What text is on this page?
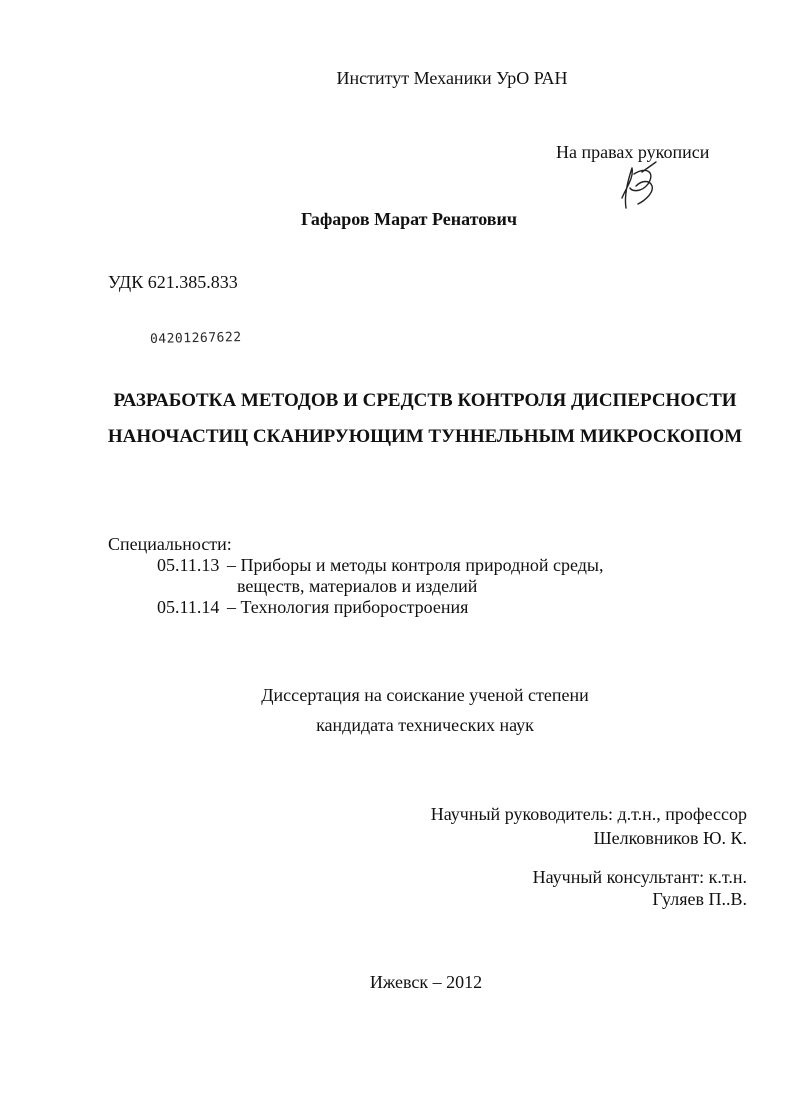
Институт Механики УрО РАН
На правах рукописи
Гафаров Марат Ренатович
УДК 621.385.833
04201267622
РАЗРАБОТКА МЕТОДОВ И СРЕДСТВ КОНТРОЛЯ ДИСПЕРСНОСТИ
НАНОЧАСТИЦ СКАНИРУЮЩИМ ТУННЕЛЬНЫМ МИКРОСКОПОМ
Специальности:
05.11.13 – Приборы и методы контроля природной среды,
веществ, материалов и изделий
05.11.14 – Технология приборостроения
Диссертация на соискание ученой степени
кандидата технических наук
Научный руководитель: д.т.н., профессор
Шелковников Ю. К.
Научный консультант: к.т.н.
Гуляев П..В.
Ижевск – 2012
